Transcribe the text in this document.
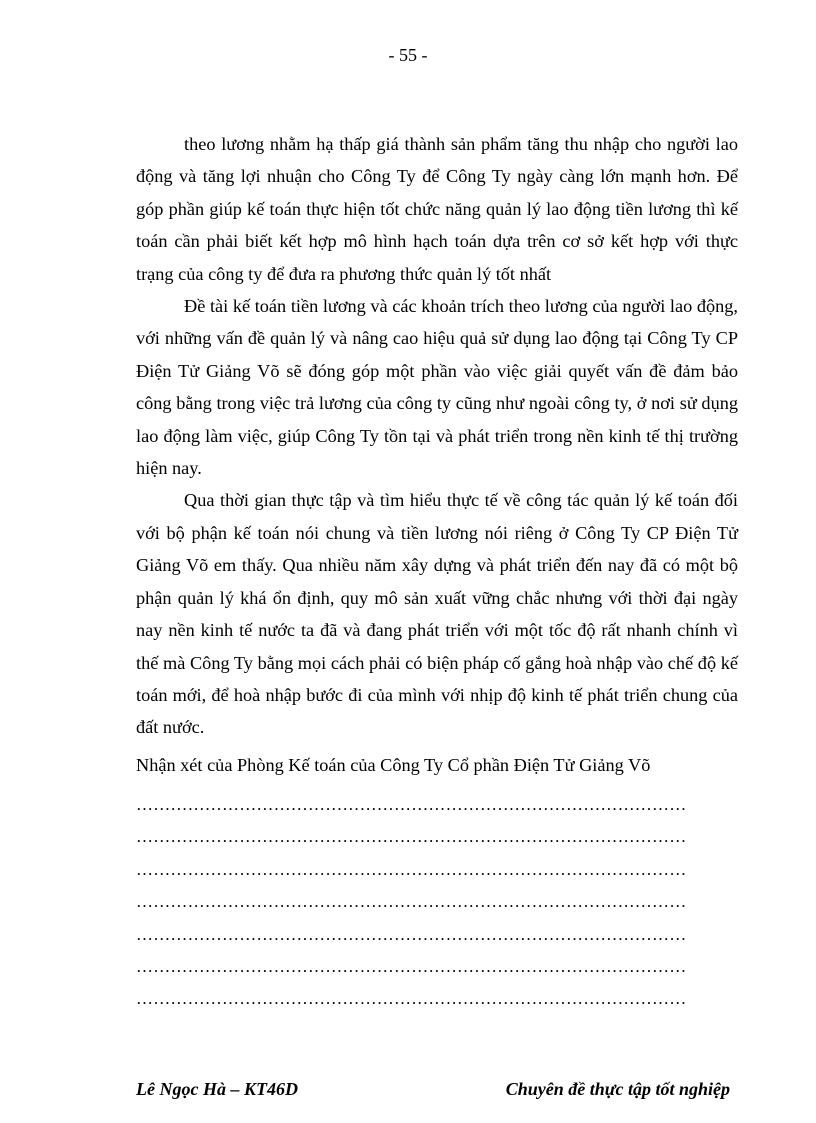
- 55 -

theo lương nhằm hạ thấp giá thành sản phẩm tăng thu nhập cho người lao động và tăng lợi nhuận cho Công Ty để Công Ty ngày càng lớn mạnh hơn. Để góp phần giúp kế toán thực hiện tốt chức năng quản lý lao động tiền lương thì kế toán cần phải biết kết hợp mô hình hạch toán dựa trên cơ sở kết hợp với thực trạng của công ty để đưa ra phương thức quản lý tốt nhất

Đề tài kế toán tiền lương và các khoản trích theo lương của người lao động, với những vấn đề quản lý và nâng cao hiệu quả sử dụng lao động tại Công Ty CP Điện Tử Giảng Võ sẽ đóng góp một phần vào việc giải quyết vấn đề đảm bảo công bằng trong việc trả lương của công ty cũng như ngoài công ty, ở nơi sử dụng lao động làm việc, giúp Công Ty tồn tại và phát triển trong nền kinh tế thị trường hiện nay.

Qua thời gian thực tập và tìm hiểu thực tế về công tác quản lý kế toán đối với bộ phận kế toán nói chung và tiền lương nói riêng ở Công Ty CP Điện Tử Giảng Võ em thấy. Qua nhiều năm xây dựng và phát triển đến nay đã có một bộ phận quản lý khá ổn định, quy mô sản xuất vững chắc nhưng với thời đại ngày nay nền kinh tế nước ta đã và đang phát triển với một tốc độ rất nhanh chính vì thế mà Công Ty bằng mọi cách phải có biện pháp cố gắng hoà nhập vào chế độ kế toán mới, để hoà nhập bước đi của mình với nhịp độ kinh tế phát triển chung của đất nước.

Nhận xét của Phòng Kế toán của Công Ty Cổ phần Điện Tử Giảng Võ
……………………………………………………………………………………
……………………………………………………………………………………
……………………………………………………………………………………
……………………………………………………………………………………
……………………………………………………………………………………
……………………………………………………………………………………
……………………………………………………………………………………
Lê Ngọc Hà – KT46D	Chuyên đề thực tập tốt nghiệp
